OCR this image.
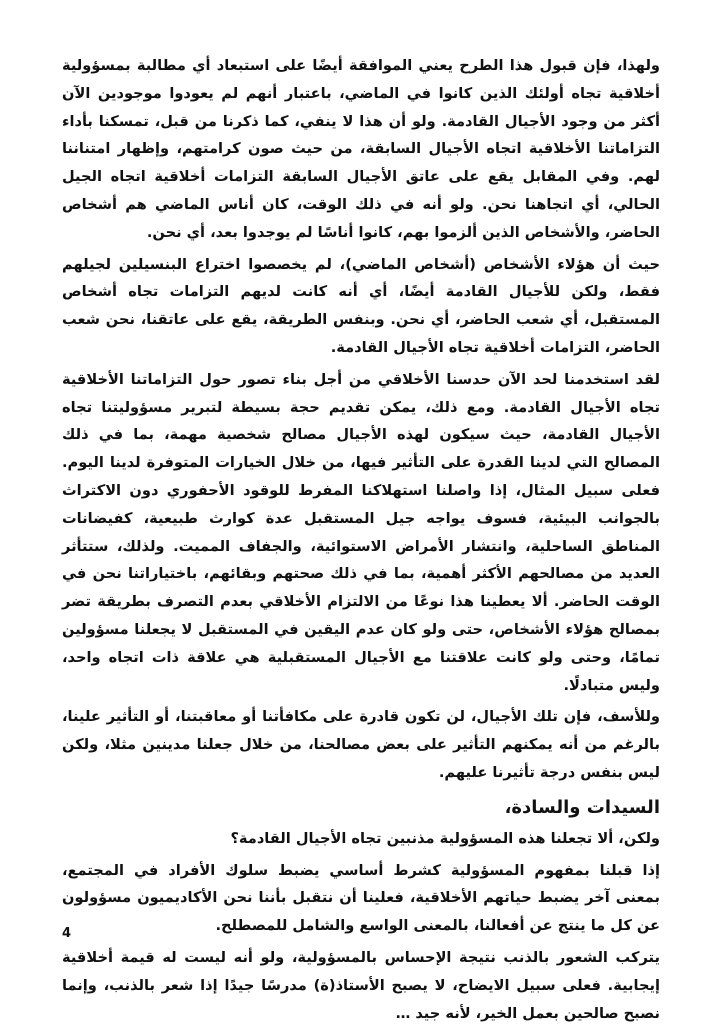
ولهذا، فإن قبول هذا الطرح يعني الموافقة أيضًا على استبعاد أي مطالبة بمسؤولية أخلاقية تجاه أولئك الذين كانوا في الماضي، باعتبار أنهم لم يعودوا موجودين الآن أكثر من وجود الأجيال القادمة. ولو أن هذا لا ينفي، كما ذكرنا من قبل، تمسكنا بأداء التزاماتنا الأخلاقية اتجاه الأجيال السابقة، من حيث صون كرامتهم، وإظهار امتناننا لهم. وفي المقابل يقع على عاتق الأجيال السابقة التزامات أخلاقية اتجاه الجيل الحالي، أي اتجاهنا نحن. ولو أنه في ذلك الوقت، كان أناس الماضي هم أشخاص الحاضر، والأشخاص الذين ألزموا بهم، كانوا أناسًا لم يوجدوا بعد، أي نحن.

حيث أن هؤلاء الأشخاص (أشخاص الماضي)، لم يخصصوا اختراع البنسيلين لجيلهم فقط، ولكن للأجيال القادمة أيضًا، أي أنه كانت لديهم التزامات تجاه أشخاص المستقبل، أي شعب الحاضر، أي نحن. وبنفس الطريقة، يقع على عاتقنا، نحن شعب الحاضر، التزامات أخلاقية تجاه الأجيال القادمة.

لقد استخدمنا لحد الآن حدسنا الأخلاقي من أجل بناء تصور حول التزاماتنا الأخلاقية تجاه الأجيال القادمة. ومع ذلك، يمكن تقديم حجة بسيطة لتبرير مسؤوليتنا تجاه الأجيال القادمة، حيث سيكون لهذه الأجيال مصالح شخصية مهمة، بما في ذلك المصالح التي لدينا القدرة على التأثير فيها، من خلال الخيارات المتوفرة لدينا اليوم. فعلى سبيل المثال، إذا واصلنا استهلاكنا المفرط للوقود الأحفوري دون الاكتراث بالجوانب البيئية، فسوف يواجه جيل المستقبل عدة كوارث طبيعية، كفيضانات المناطق الساحلية، وانتشار الأمراض الاستوائية، والجفاف المميت. ولذلك، ستتأثر العديد من مصالحهم الأكثر أهمية، بما في ذلك صحتهم وبقائهم، باختياراتنا نحن في الوقت الحاضر. ألا يعطينا هذا نوعًا من الالتزام الأخلاقي بعدم التصرف بطريقة تضر بمصالح هؤلاء الأشخاص، حتى ولو كان عدم اليقين في المستقبل لا يجعلنا مسؤولين تمامًا، وحتى ولو كانت علاقتنا مع الأجيال المستقبلية هي علاقة ذات اتجاه واحد، وليس متبادلًا.

وللأسف، فإن تلك الأجيال، لن تكون قادرة على مكافأتنا أو معاقبتنا، أو التأثير علينا، بالرغم من أنه يمكنهم التأثير على بعض مصالحنا، من خلال جعلنا مدينين مثلا، ولكن ليس بنفس درجة تأثيرنا عليهم.

السيدات والسادة،

ولكن، ألا تجعلنا هذه المسؤولية مذنبين تجاه الأجيال القادمة؟

إذا قبلنا بمفهوم المسؤولية كشرط أساسي يضبط سلوك الأفراد في المجتمع، بمعنى آخر يضبط حياتهم الأخلاقية، فعلينا أن نتقبل بأننا نحن الأكاديميون مسؤولون عن كل ما ينتج عن أفعالنا، بالمعنى الواسع والشامل للمصطلح.

يتركب الشعور بالذنب نتيجة الإحساس بالمسؤولية، ولو أنه ليست له قيمة أخلاقية إيجابية. فعلى سبيل الايضاح، لا يصبح الأستاذ(ة) مدرسًا جيدًا إذا شعر بالذنب، وإنما نصبح صالحين بعمل الخير، لأنه جيد …

4
